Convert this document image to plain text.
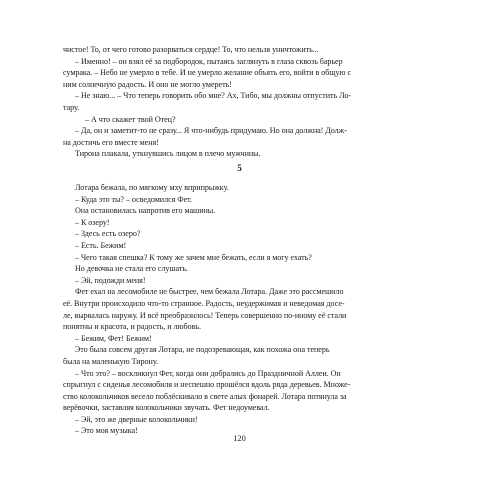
чистое! То, от чего готово разорваться сердце! То, что нельзя уничтожить...

– Именно! – он взял её за подбородок, пытаясь заглянуть в глаза сквозь барьер

сумрака. – Небо не умерло в тебе. И не умерло желание объять его, войти в общую с

ним солнечную радость. И оно не могло умереть!

– Не знаю... – Что теперь говорить обо мне? Ах, Тибо, мы должны отпустить Ло-

тару.

– А что скажет твой Отец?

– Да, он и заметит-то не сразу... Я что-нибудь придумаю. Но она должна! Долж-

на достичь его вместе меня!

Тирона плакала, уткнувшись лицом в плечо мужчины.

5

Лотара бежала, по мягкому мху вприпрыжку.

– Куда это ты? – осведомился Фет.

Она остановилась напротив его машины.

– К озеру!

– Здесь есть озеро?

– Есть. Бежим!

– Чего такая спешка? К тому же зачем мне бежать, если я могу ехать?

Но девочка не стала его слушать.

– Эй, подожди меня!

Фет ехал на лесомобиле не быстрее, чем бежала Лотара. Даже это рассмешило

её. Внутри происходило что-то странное. Радость, неудержимая и неведомая досе-

ле, вырвалась наружу. И всё преобразилось! Теперь совершенно по-иному её стали

понятны и красота, и радость, и любовь.

– Бежим, Фет! Бежим!

Это была совсем другая Лотара, не подозревающая, как похожа она теперь

была на маленькую Тирону.

– Что это? – воскликнул Фет, когда они добрались до Праздничной Аллеи. Он

спрыгнул с сиденья лесомобиля и неспешно прошёлся вдоль ряда деревьев. Множе-

ство колокольчиков весело поблёскивало в свете алых фонарей. Лотара потянула за

верёвочки, заставляя колокольчики звучать. Фет недоумевал.

– Эй, это же дверные колокольчики!

– Это моя музыка!

120
